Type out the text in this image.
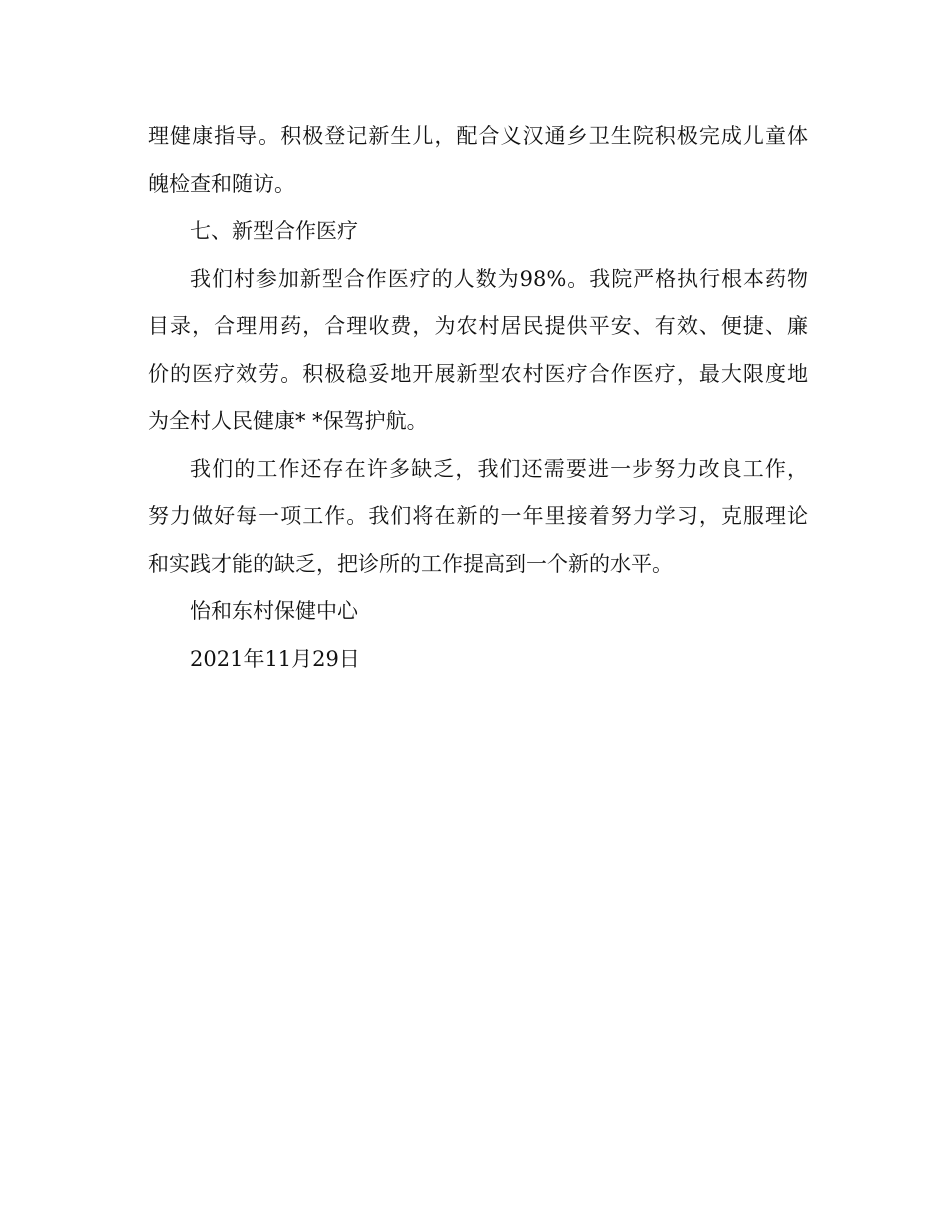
理健康指导。积极登记新生儿，配合义汉通乡卫生院积极完成儿童体
魄检查和随访。
七、新型合作医疗
我们村参加新型合作医疗的人数为98%。我院严格执行根本药物
目录，合理用药，合理收费，为农村居民提供平安、有效、便捷、廉
价的医疗效劳。积极稳妥地开展新型农村医疗合作医疗，最大限度地
为全村人民健康* *保驾护航。
我们的工作还存在许多缺乏，我们还需要进一步努力改良工作，
努力做好每一项工作。我们将在新的一年里接着努力学习，克服理论
和实践才能的缺乏，把诊所的工作提高到一个新的水平。
怡和东村保健中心
2021年11月29日
